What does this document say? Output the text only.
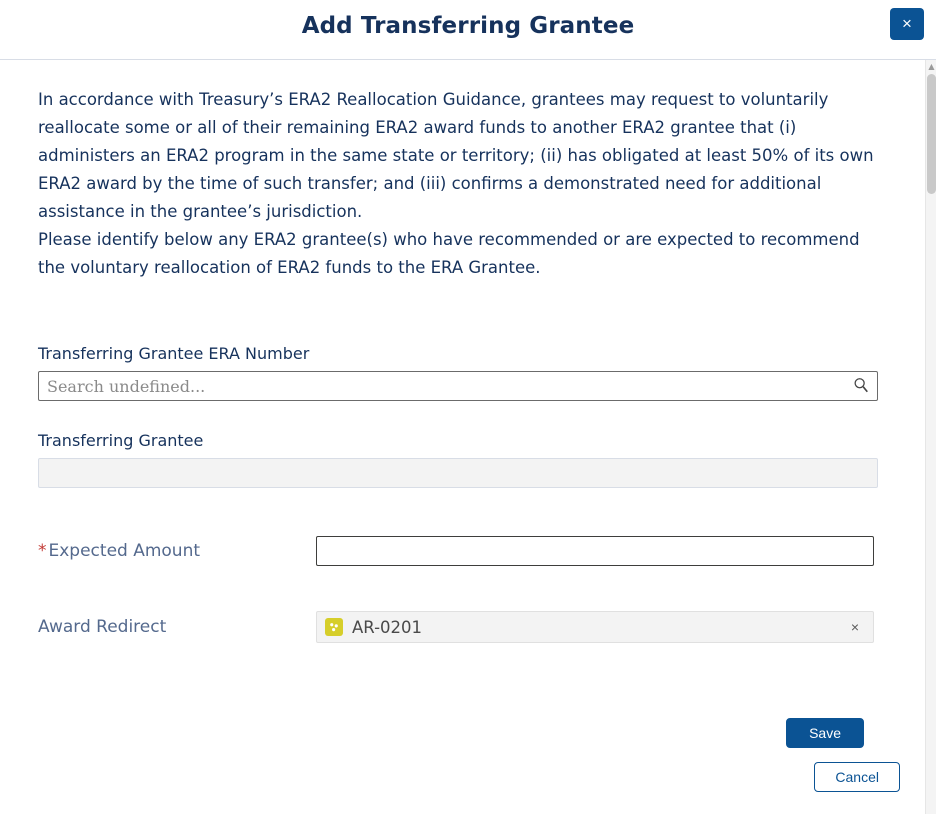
Add Transferring Grantee	×
▲

In accordance with Treasury’s ERA2 Reallocation Guidance, grantees may request to voluntarily reallocate some or all of their remaining ERA2 award funds to another ERA2 grantee that (i) administers an ERA2 program in the same state or territory; (ii) has obligated at least 50% of its own ERA2 award by the time of such transfer; and (iii) confirms a demonstrated need for additional assistance in the grantee’s jurisdiction.

Please identify below any ERA2 grantee(s) who have recommended or are expected to recommend the voluntary reallocation of ERA2 funds to the ERA Grantee.

Transferring Grantee ERA Number
Search undefined...
Transferring Grantee
* Expected Amount
Award Redirect	AR-0201	×
Save
Cancel
